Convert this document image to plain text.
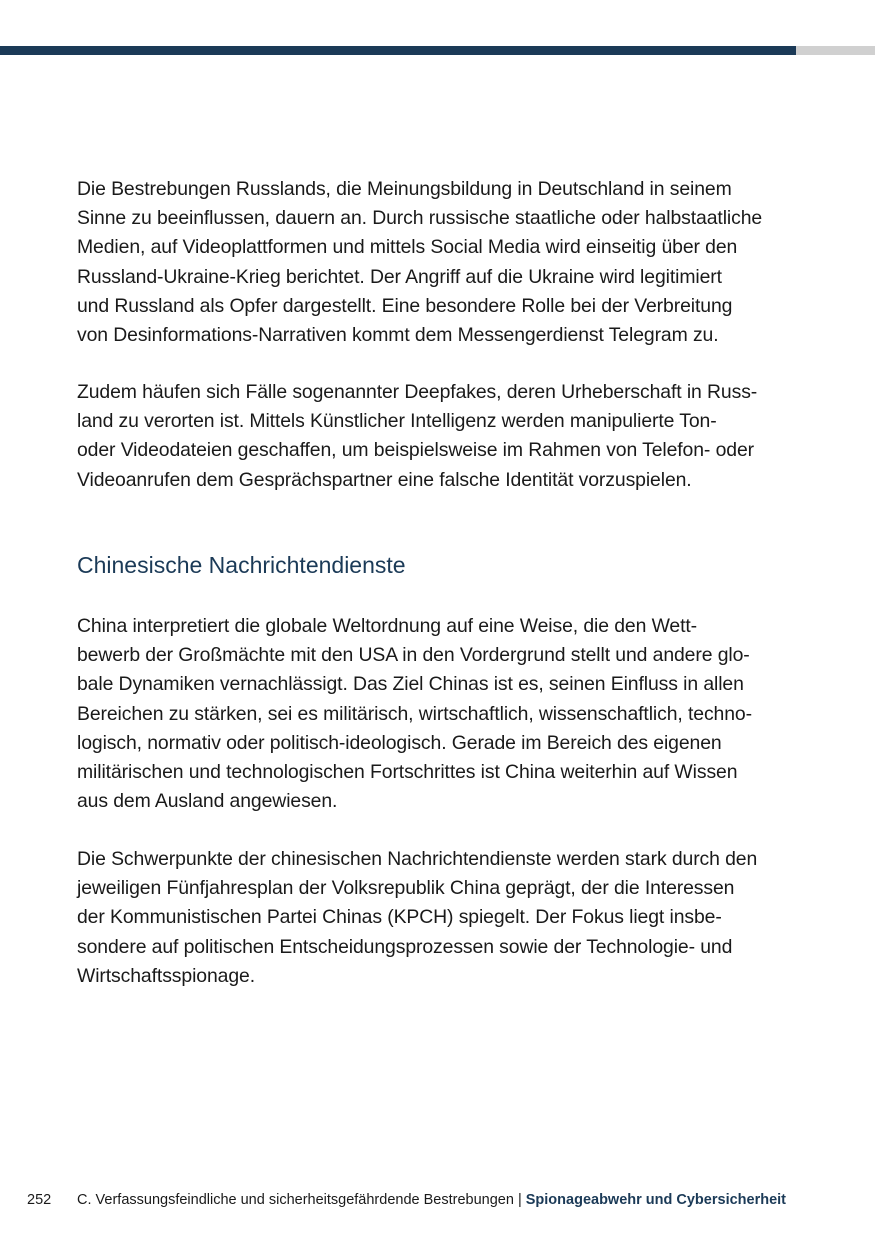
Die Bestrebungen Russlands, die Meinungsbildung in Deutschland in seinem
Sinne zu beeinflussen, dauern an. Durch russische staatliche oder halbstaatliche
Medien, auf Videoplattformen und mittels Social Media wird einseitig über den
Russland-Ukraine-Krieg berichtet. Der Angriff auf die Ukraine wird legitimiert
und Russland als Opfer dargestellt. Eine besondere Rolle bei der Verbreitung
von Desinformations-Narrativen kommt dem Messengerdienst Telegram zu.

Zudem häufen sich Fälle sogenannter Deepfakes, deren Urheberschaft in Russ-
land zu verorten ist. Mittels Künstlicher Intelligenz werden manipulierte Ton-
oder Videodateien geschaffen, um beispielsweise im Rahmen von Telefon- oder
Videoanrufen dem Gesprächspartner eine falsche Identität vorzuspielen.

Chinesische Nachrichtendienste

China interpretiert die globale Weltordnung auf eine Weise, die den Wett-
bewerb der Großmächte mit den USA in den Vordergrund stellt und andere glo-
bale Dynamiken vernachlässigt. Das Ziel Chinas ist es, seinen Einfluss in allen
Bereichen zu stärken, sei es militärisch, wirtschaftlich, wissenschaftlich, techno-
logisch, normativ oder politisch-ideologisch. Gerade im Bereich des eigenen
militärischen und technologischen Fortschrittes ist China weiterhin auf Wissen
aus dem Ausland angewiesen.

Die Schwerpunkte der chinesischen Nachrichtendienste werden stark durch den
jeweiligen Fünfjahresplan der Volksrepublik China geprägt, der die Interessen
der Kommunistischen Partei Chinas (KPCH) spiegelt. Der Fokus liegt insbe-
sondere auf politischen Entscheidungsprozessen sowie der Technologie- und
Wirtschaftsspionage.

252 C. Verfassungsfeindliche und sicherheitsgefährdende Bestrebungen | Spionageabwehr und Cybersicherheit
